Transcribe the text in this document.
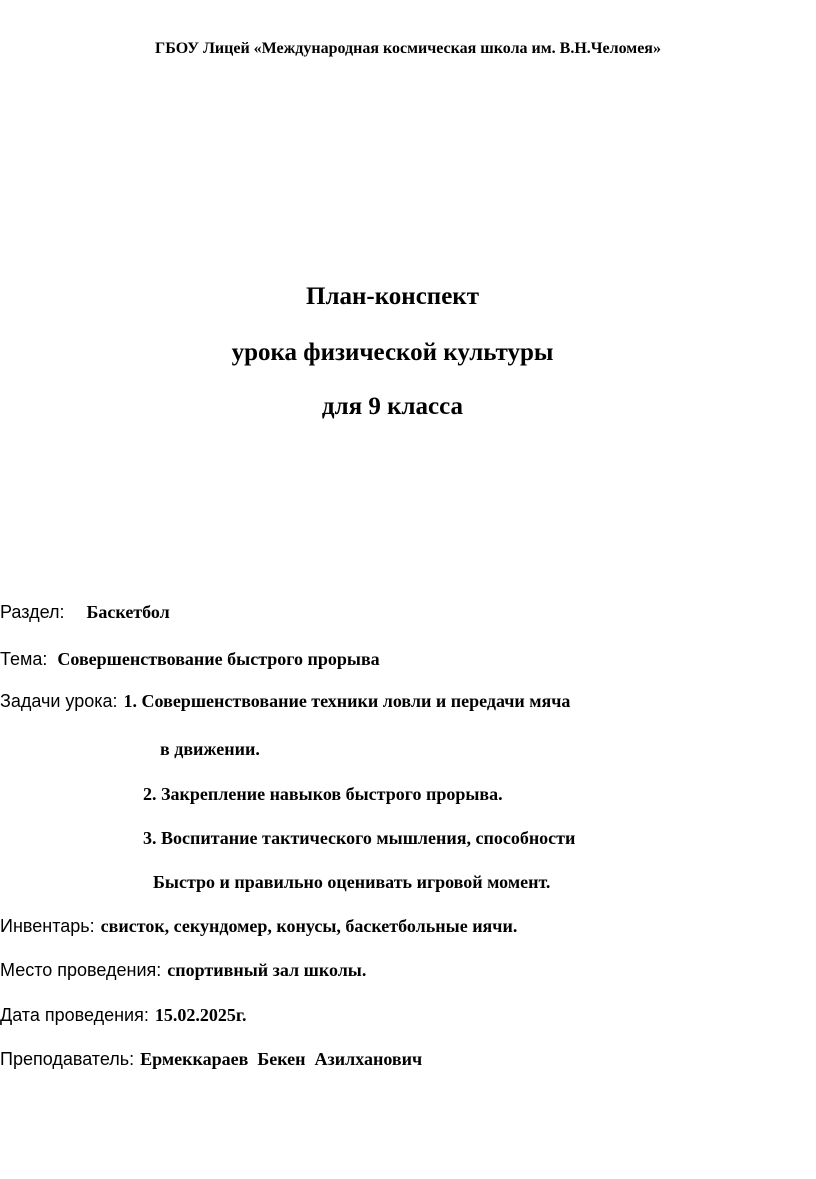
ГБОУ Лицей «Международная космическая школа им. В.Н.Челомея»
План-конспект
урока физической культуры
для 9 класса
Раздел: Баскетбол
Тема: Совершенствование быстрого прорыва
Задачи урока: 1. Совершенствование техники ловли и передачи мяча
в движении.
2. Закрепление навыков быстрого прорыва.
3. Воспитание тактического мышления, способности
Быстро и правильно оценивать игровой момент.
Инвентарь: свисток, секундомер, конусы, баскетбольные иячи.
Место проведения: спортивный зал школы.
Дата проведения: 15.02.2025г.
Преподаватель: Ермеккараев  Бекен  Азилханович
